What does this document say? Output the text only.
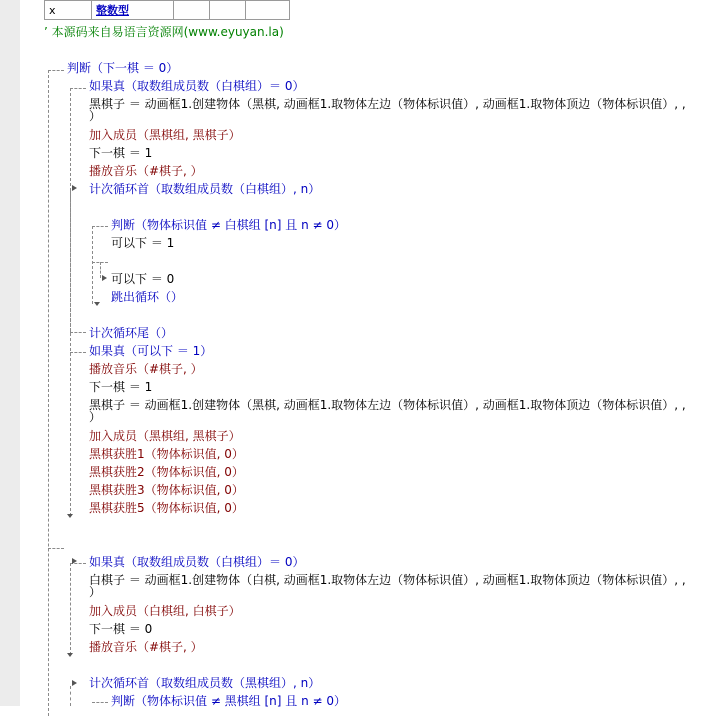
x	整数型			
’ 本源码来自易语言资源网(www.eyuyan.la)
判断（下一棋 ＝ 0）
如果真（取数组成员数（白棋组）＝ 0）
黑棋子 ＝ 动画框1.创建物体（黑棋, 动画框1.取物体左边（物体标识值）, 动画框1.取物体顶边（物体标识值）, ,
）
加入成员（黑棋组, 黑棋子）
下一棋 ＝ 1
播放音乐（#棋子, ）
计次循环首（取数组成员数（白棋组）, n）
判断（物体标识值 ≠ 白棋组 [n] 且 n ≠ 0）
可以下 ＝ 1
可以下 ＝ 0
跳出循环（）
计次循环尾（）
如果真（可以下 ＝ 1）
播放音乐（#棋子, ）
下一棋 ＝ 1
黑棋子 ＝ 动画框1.创建物体（黑棋, 动画框1.取物体左边（物体标识值）, 动画框1.取物体顶边（物体标识值）, ,
）
加入成员（黑棋组, 黑棋子）
黑棋获胜1（物体标识值, 0）
黑棋获胜2（物体标识值, 0）
黑棋获胜3（物体标识值, 0）
黑棋获胜5（物体标识值, 0）
如果真（取数组成员数（白棋组）＝ 0）
白棋子 ＝ 动画框1.创建物体（白棋, 动画框1.取物体左边（物体标识值）, 动画框1.取物体顶边（物体标识值）, ,
）
加入成员（白棋组, 白棋子）
下一棋 ＝ 0
播放音乐（#棋子, ）
计次循环首（取数组成员数（黑棋组）, n）
判断（物体标识值 ≠ 黑棋组 [n] 且 n ≠ 0）
